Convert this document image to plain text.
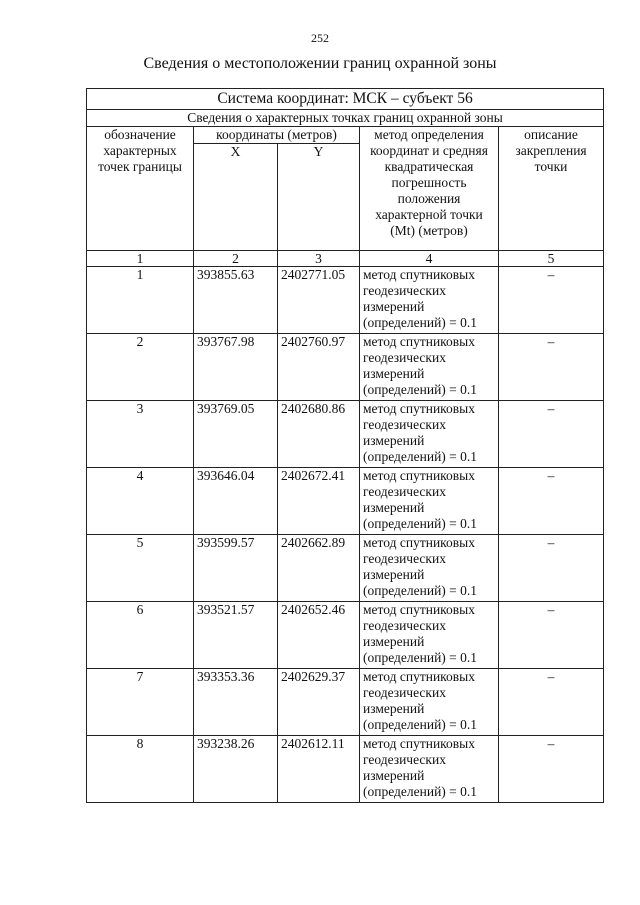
252
Сведения о местоположении границ охранной зоны
Система координат: МСК – субъект 56				
Сведения о характерных точках границ охранной зоны				
обозначение характерных точек границы	координаты (метров)		метод определения координат и средняя квадратическая погрешность положения характерной точки (Mt) (метров)	описание закрепления точки
	X	Y		
1	2	3	4	5
1	393855.63	2402771.05	метод спутниковых геодезических измерений (определений) = 0.1	–
2	393767.98	2402760.97	метод спутниковых геодезических измерений (определений) = 0.1	–
3	393769.05	2402680.86	метод спутниковых геодезических измерений (определений) = 0.1	–
4	393646.04	2402672.41	метод спутниковых геодезических измерений (определений) = 0.1	–
5	393599.57	2402662.89	метод спутниковых геодезических измерений (определений) = 0.1	–
6	393521.57	2402652.46	метод спутниковых геодезических измерений (определений) = 0.1	–
7	393353.36	2402629.37	метод спутниковых геодезических измерений (определений) = 0.1	–
8	393238.26	2402612.11	метод спутниковых геодезических измерений (определений) = 0.1	–
